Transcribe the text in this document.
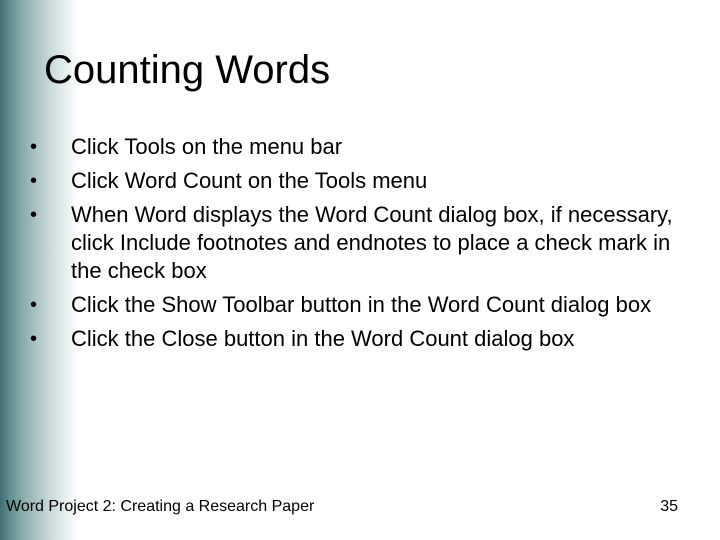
Counting Words
• Click Tools on the menu bar
• Click Word Count on the Tools menu
• When Word displays the Word Count dialog box, if necessary, click Include footnotes and endnotes to place a check mark in the check box
• Click the Show Toolbar button in the Word Count dialog box
• Click the Close button in the Word Count dialog box
Word Project 2: Creating a Research Paper	35
